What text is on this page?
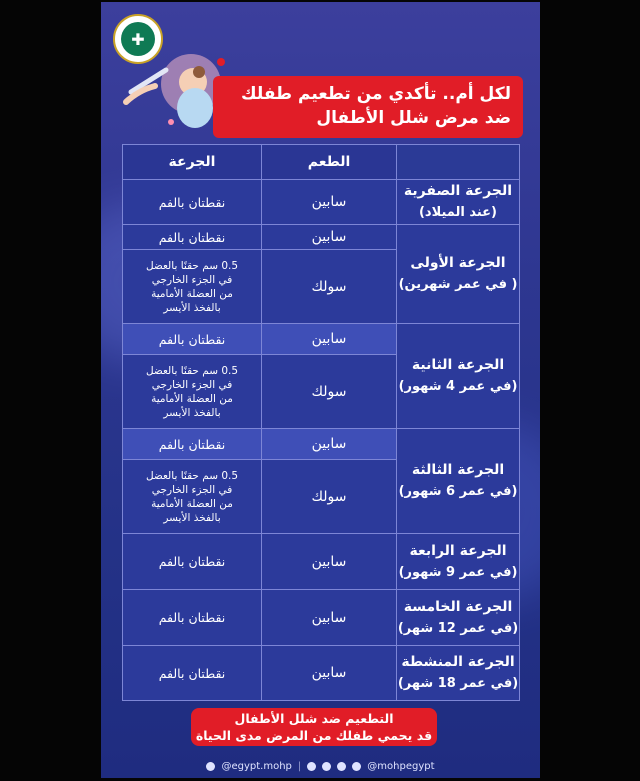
✚
لكل أم.. تأكدي من تطعيم طفلك
ضد مرض شلل الأطفال
	الطعم	الجرعة

الجرعة الصفرية
(عند الميلاد)	سابين	نقطتان بالفم

الجرعة الأولى
( في عمر شهرين)	سابين	نقطتان بالفم
	سولك	0.5 سم حقنًا بالعضل
في الجزء الخارجي
من العضلة الأمامية
بالفخذ الأيسر

الجرعة الثانية
(في عمر 4 شهور)	سابين	نقطتان بالفم
	سولك	0.5 سم حقنًا بالعضل
في الجزء الخارجي
من العضلة الأمامية
بالفخذ الأيسر

الجرعة الثالثة
(في عمر 6 شهور)	سابين	نقطتان بالفم
	سولك	0.5 سم حقنًا بالعضل
في الجزء الخارجي
من العضلة الأمامية
بالفخذ الأيسر

الجرعة الرابعة
(في عمر 9 شهور)	سابين	نقطتان بالفم

الجرعة الخامسة
(في عمر 12 شهر)	سابين	نقطتان بالفم

الجرعة المنشطة
(في عمر 18 شهر)	سابين	نقطتان بالفم
التطعيم ضد شلل الأطفال
قد يحمي طفلك من المرض مدى الحياة
@egypt.mohp |	@mohpegypt
